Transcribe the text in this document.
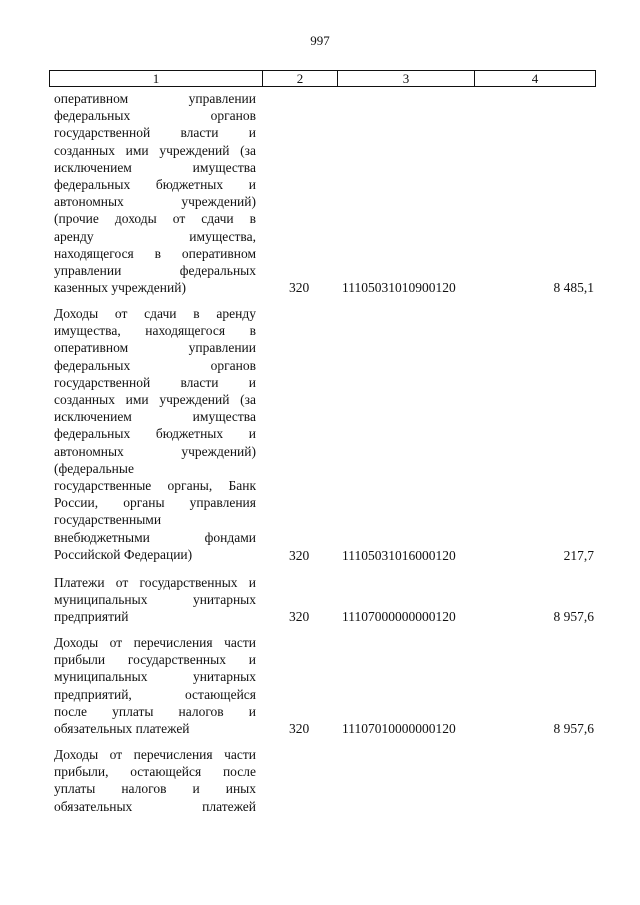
997
1	2	3	4
оперативном управлении
федеральных органов
государственной власти и
созданных ими учреждений (за
исключением имущества
федеральных бюджетных и
автономных учреждений)
(прочие доходы от сдачи в
аренду имущества,
находящегося в оперативном
управлении федеральных
казенных учреждений)	320 11105031010900120	8 485,1
Доходы от сдачи в аренду
имущества, находящегося в
оперативном управлении
федеральных органов
государственной власти и
созданных ими учреждений (за
исключением имущества
федеральных бюджетных и
автономных учреждений)
(федеральные
государственные органы, Банк
России, органы управления
государственными
внебюджетными фондами
Российской Федерации)	320 11105031016000120	217,7
Платежи от государственных и
муниципальных унитарных
предприятий	320 11107000000000120	8 957,6
Доходы от перечисления части
прибыли государственных и
муниципальных унитарных
предприятий, остающейся
после уплаты налогов и
обязательных платежей	320 11107010000000120	8 957,6
Доходы от перечисления части
прибыли, остающейся после
уплаты налогов и иных
обязательных платежей
